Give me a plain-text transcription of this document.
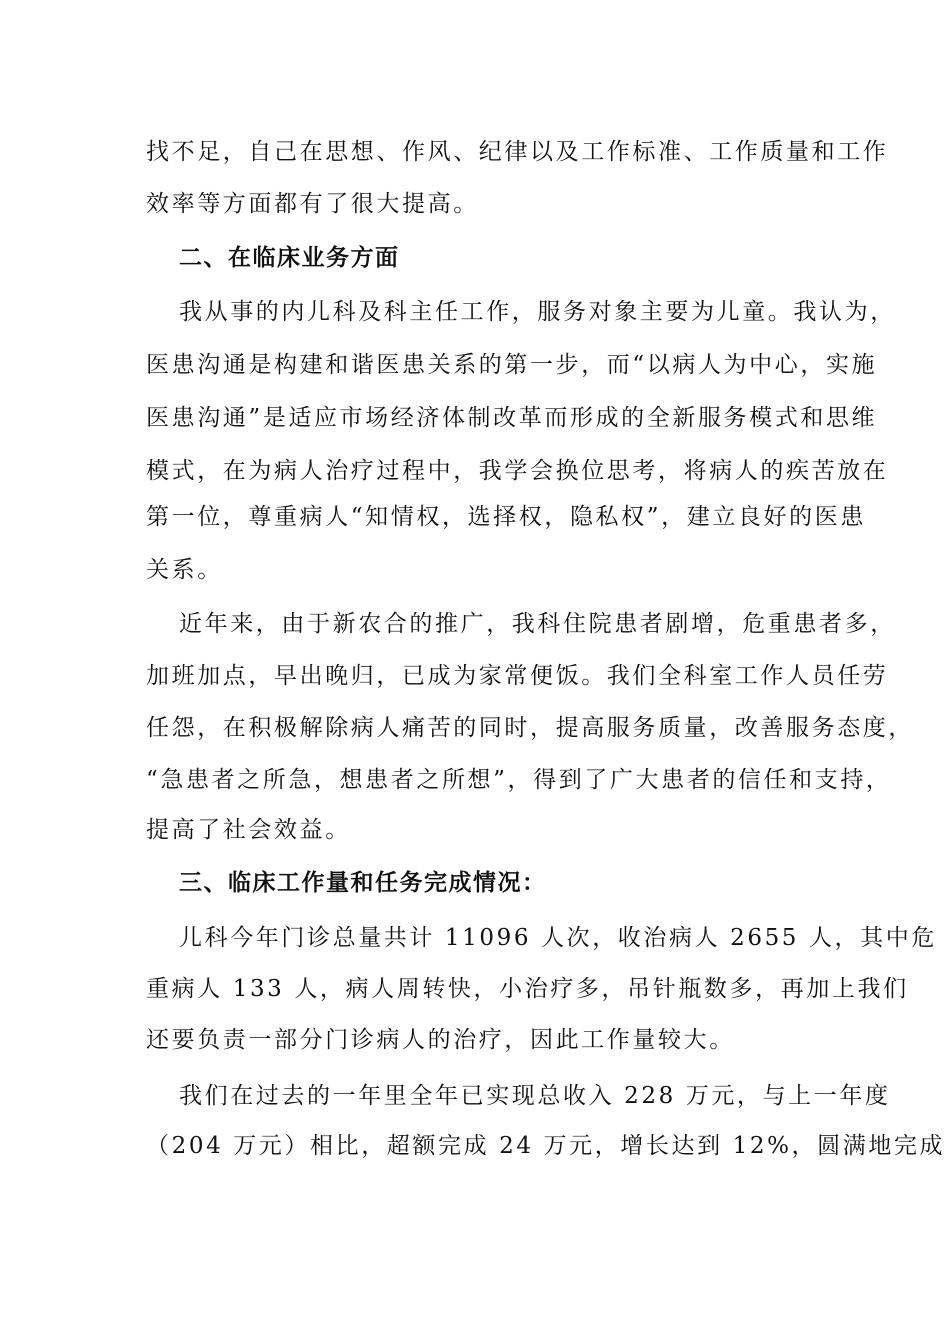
找不足，自己在思想、作风、纪律以及工作标准、工作质量和工作
效率等方面都有了很大提高。
二、在临床业务方面
我从事的内儿科及科主任工作，服务对象主要为儿童。我认为，
医患沟通是构建和谐医患关系的第一步，而“以病人为中心，实施
医患沟通”是适应市场经济体制改革而形成的全新服务模式和思维
模式，在为病人治疗过程中，我学会换位思考，将病人的疾苦放在
第一位，尊重病人“知情权，选择权，隐私权”，建立良好的医患
关系。
近年来，由于新农合的推广，我科住院患者剧增，危重患者多，
加班加点，早出晚归，已成为家常便饭。我们全科室工作人员任劳
任怨，在积极解除病人痛苦的同时，提高服务质量，改善服务态度，
“急患者之所急，想患者之所想”，得到了广大患者的信任和支持，
提高了社会效益。
三、临床工作量和任务完成情况：
儿科今年门诊总量共计 11096 人次，收治病人 2655 人，其中危
重病人 133 人，病人周转快，小治疗多，吊针瓶数多，再加上我们
还要负责一部分门诊病人的治疗，因此工作量较大。
我们在过去的一年里全年已实现总收入 228 万元，与上一年度
（204 万元）相比，超额完成 24 万元，增长达到 12%，圆满地完成
